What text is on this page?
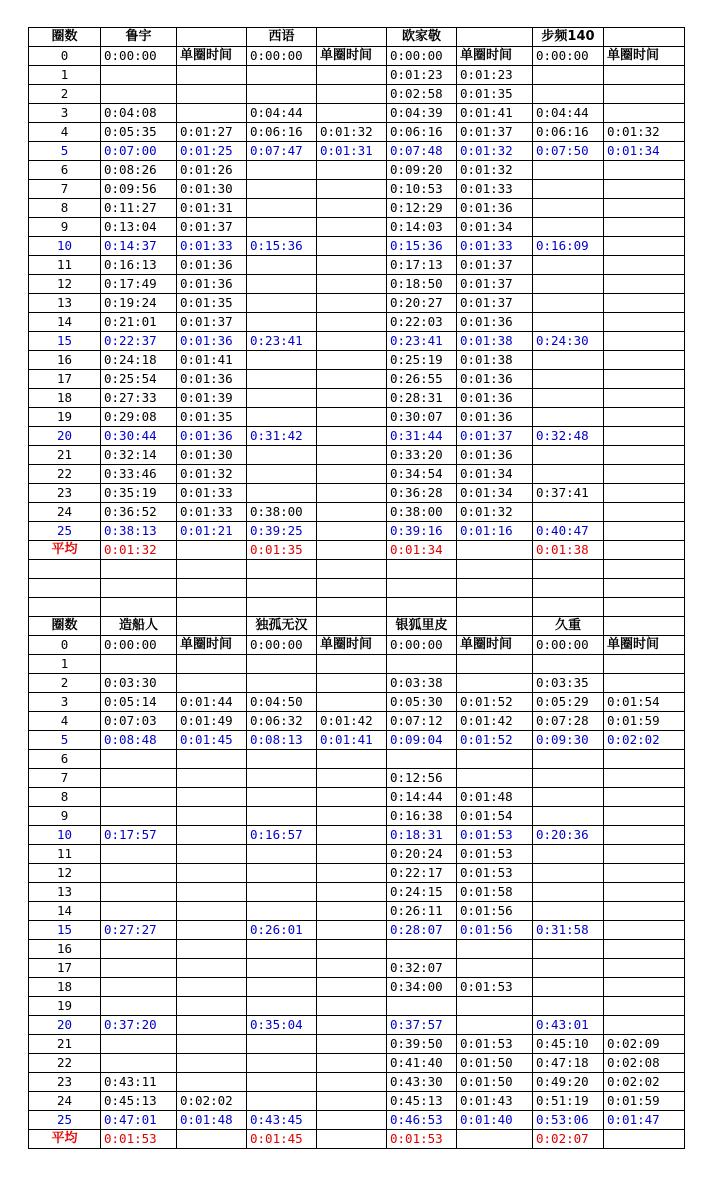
圈数	鲁宇		西语		欧家敬		步频140	
0	0:00:00	单圈时间	0:00:00	单圈时间	0:00:00	单圈时间	0:00:00	单圈时间
1					0:01:23	0:01:23		
2					0:02:58	0:01:35		
3	0:04:08		0:04:44		0:04:39	0:01:41	0:04:44	
4	0:05:35	0:01:27	0:06:16	0:01:32	0:06:16	0:01:37	0:06:16	0:01:32
5	0:07:00	0:01:25	0:07:47	0:01:31	0:07:48	0:01:32	0:07:50	0:01:34
6	0:08:26	0:01:26			0:09:20	0:01:32		
7	0:09:56	0:01:30			0:10:53	0:01:33		
8	0:11:27	0:01:31			0:12:29	0:01:36		
9	0:13:04	0:01:37			0:14:03	0:01:34		
10	0:14:37	0:01:33	0:15:36		0:15:36	0:01:33	0:16:09	
11	0:16:13	0:01:36			0:17:13	0:01:37		
12	0:17:49	0:01:36			0:18:50	0:01:37		
13	0:19:24	0:01:35			0:20:27	0:01:37		
14	0:21:01	0:01:37			0:22:03	0:01:36		
15	0:22:37	0:01:36	0:23:41		0:23:41	0:01:38	0:24:30	
16	0:24:18	0:01:41			0:25:19	0:01:38		
17	0:25:54	0:01:36			0:26:55	0:01:36		
18	0:27:33	0:01:39			0:28:31	0:01:36		
19	0:29:08	0:01:35			0:30:07	0:01:36		
20	0:30:44	0:01:36	0:31:42		0:31:44	0:01:37	0:32:48	
21	0:32:14	0:01:30			0:33:20	0:01:36		
22	0:33:46	0:01:32			0:34:54	0:01:34		
23	0:35:19	0:01:33			0:36:28	0:01:34	0:37:41	
24	0:36:52	0:01:33	0:38:00		0:38:00	0:01:32		
25	0:38:13	0:01:21	0:39:25		0:39:16	0:01:16	0:40:47	
平均	0:01:32		0:01:35		0:01:34		0:01:38	

圈数	造船人		独孤无汉		银狐里皮		久重	
0	0:00:00	单圈时间	0:00:00	单圈时间	0:00:00	单圈时间	0:00:00	单圈时间
1								
2	0:03:30				0:03:38		0:03:35	
3	0:05:14	0:01:44	0:04:50		0:05:30	0:01:52	0:05:29	0:01:54
4	0:07:03	0:01:49	0:06:32	0:01:42	0:07:12	0:01:42	0:07:28	0:01:59
5	0:08:48	0:01:45	0:08:13	0:01:41	0:09:04	0:01:52	0:09:30	0:02:02
6								
7					0:12:56			
8					0:14:44	0:01:48		
9					0:16:38	0:01:54		
10	0:17:57		0:16:57		0:18:31	0:01:53	0:20:36	
11					0:20:24	0:01:53		
12					0:22:17	0:01:53		
13					0:24:15	0:01:58		
14					0:26:11	0:01:56		
15	0:27:27		0:26:01		0:28:07	0:01:56	0:31:58	
16								
17					0:32:07			
18					0:34:00	0:01:53		
19								
20	0:37:20		0:35:04		0:37:57		0:43:01	
21					0:39:50	0:01:53	0:45:10	0:02:09
22					0:41:40	0:01:50	0:47:18	0:02:08
23	0:43:11				0:43:30	0:01:50	0:49:20	0:02:02
24	0:45:13	0:02:02			0:45:13	0:01:43	0:51:19	0:01:59
25	0:47:01	0:01:48	0:43:45		0:46:53	0:01:40	0:53:06	0:01:47
平均	0:01:53		0:01:45		0:01:53		0:02:07	
